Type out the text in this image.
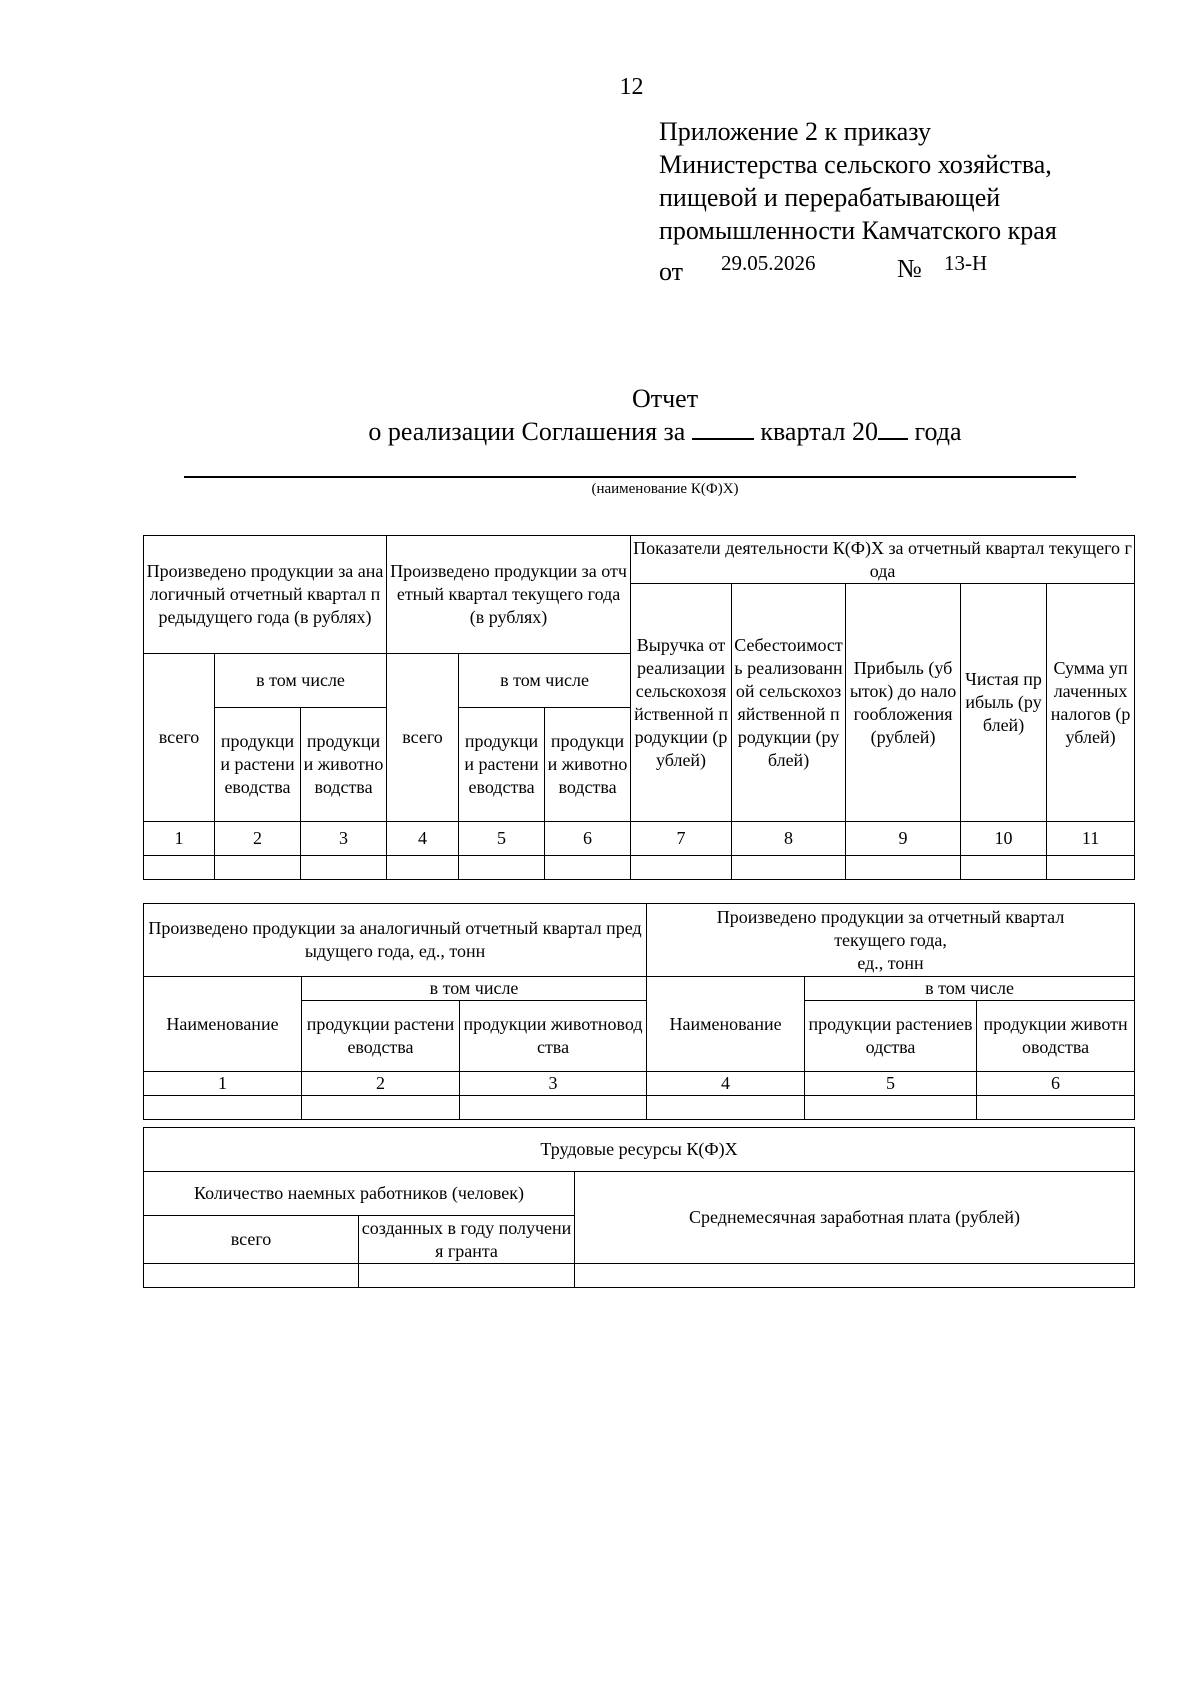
12
Приложение 2 к приказу
Министерства сельского хозяйства,
пищевой и перерабатывающей
промышленности Камчатского края
от 29.05.2026	№ 13-Н
Отчет
о реализации Соглашения за	квартал 20 года
(наименование К(Ф)Х)
Произведено продукции за аналогичный отчетный квартал предыдущего года (в рублях)			Произведено продукции за отчетный квартал текущего года (в рублях)			Показатели деятельности К(Ф)Х за отчетный квартал текущего года				
						Выручка от реализации сельскохозяйственной продукции (рублей)	Себестоимость реализованной сельскохозяйственной продукции (рублей)	Прибыль (убыток) до налогообложения (рублей)	Чистая прибыль (рублей)	Сумма уплаченных налогов (рублей)
всего	в том числе		всего	в том числе						
	продукции растениеводства	продукции животноводства		продукции растениеводства	продукции животноводства					
1	2	3	4	5	6	7	8	9	10	11

Произведено продукции за аналогичный отчетный квартал предыдущего года, ед., тонн			Произведено продукции за отчетный квартал
текущего года,
ед., тонн		

Наименование	в том числе		Наименование	в том числе	
	продукции растениеводства	продукции животноводства		продукции растениеводства	продукции животноводства
1	2	3	4	5	6

Трудовые ресурсы К(Ф)Х		
Количество наемных работников (человек)		Среднемесячная заработная плата (рублей)
всего	созданных в году получения гранта	
